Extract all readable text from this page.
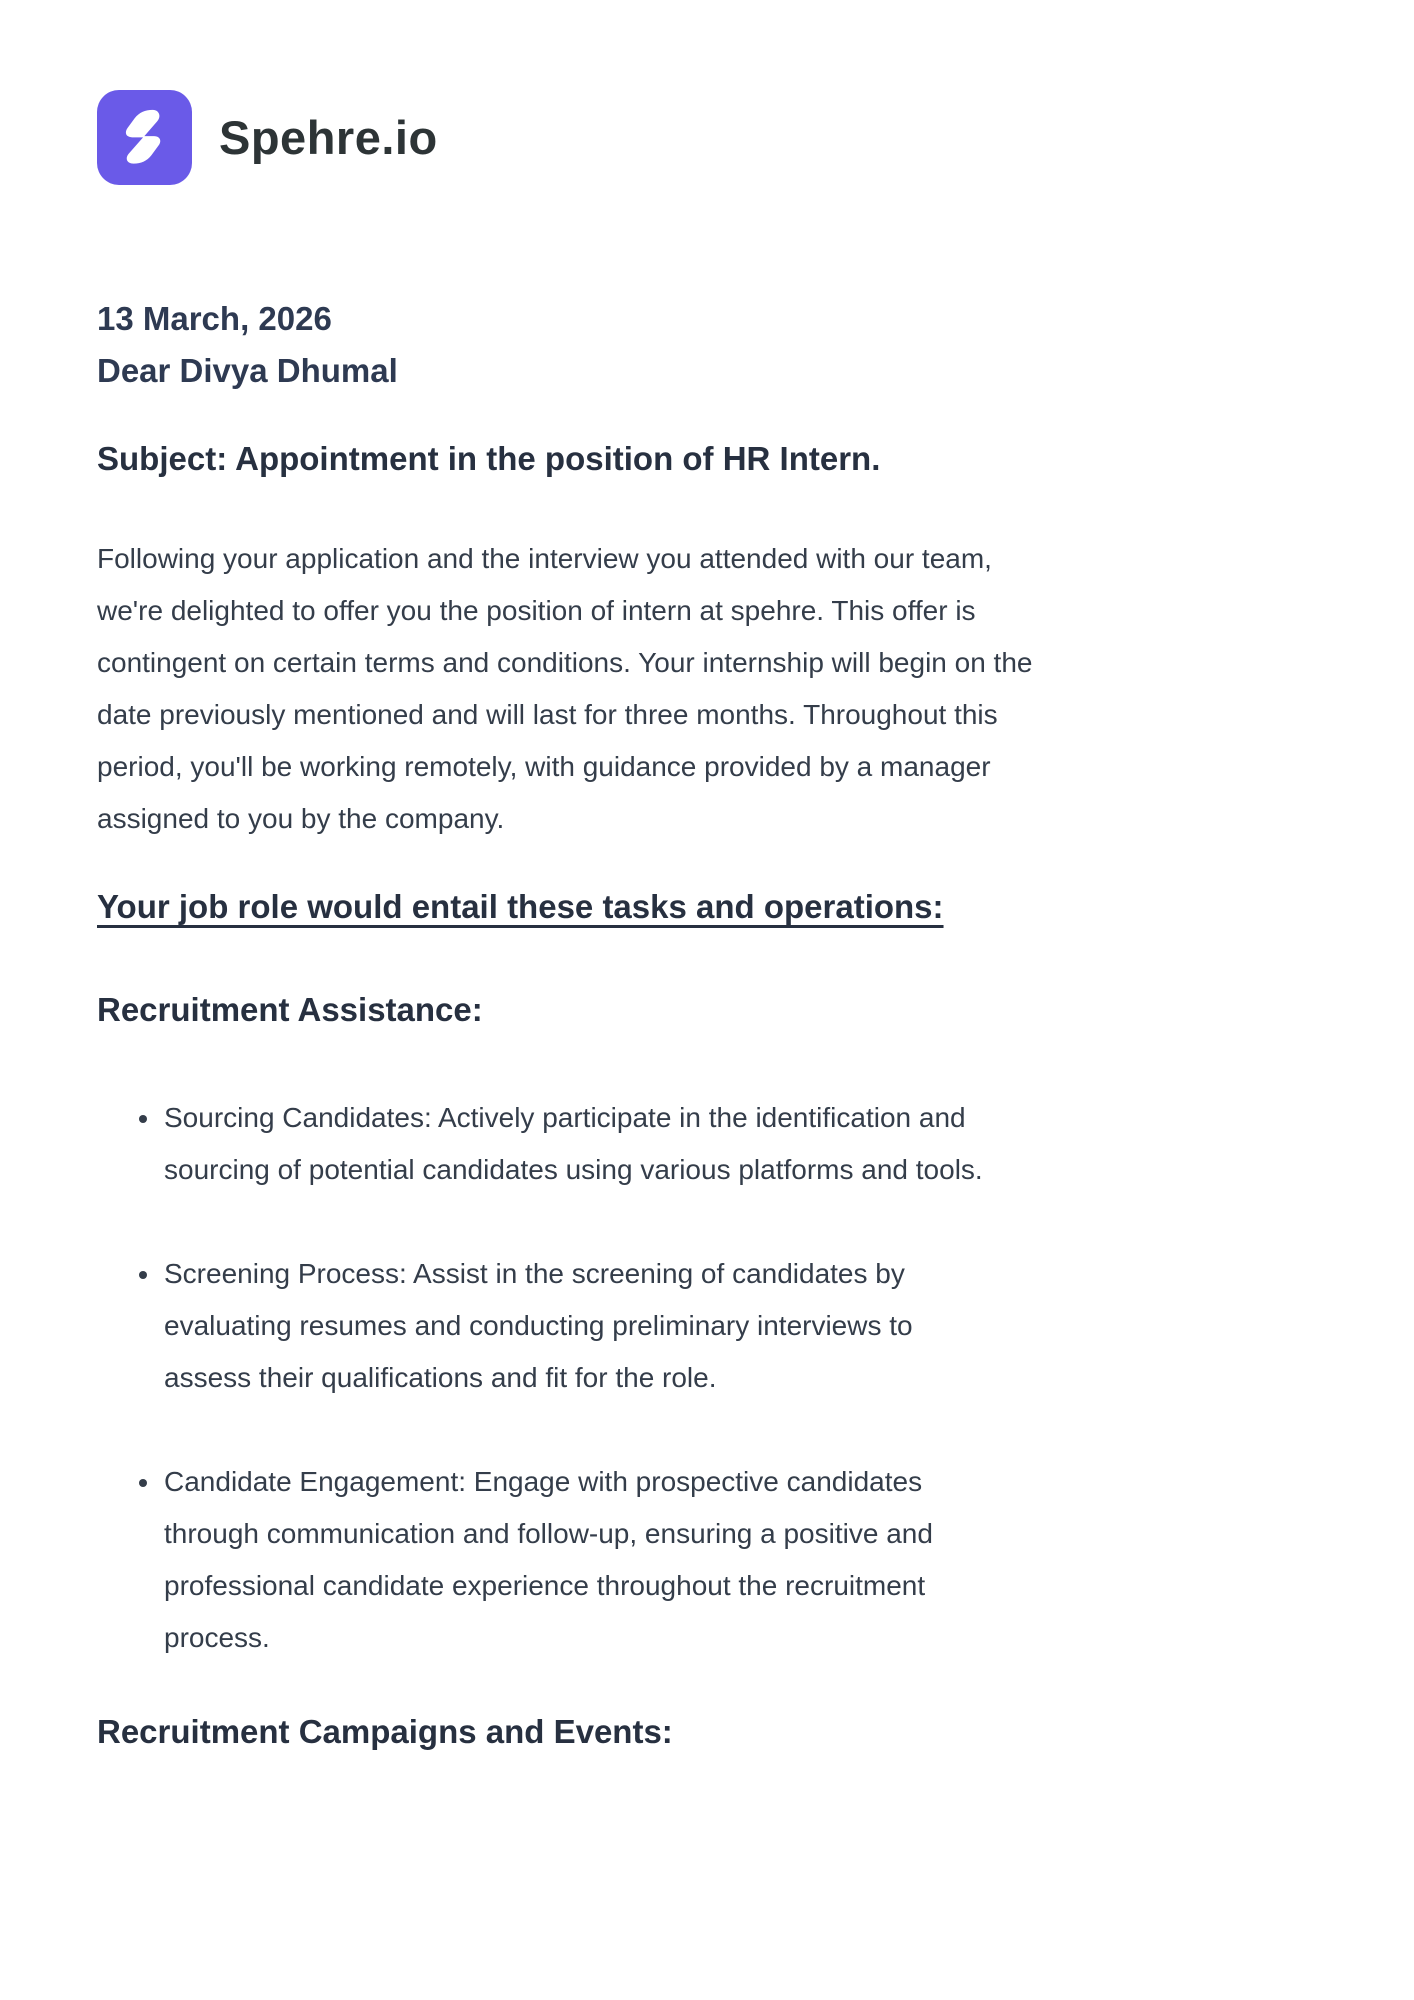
Spehre.io

13 March, 2026

Dear Divya Dhumal

Subject: Appointment in the position of HR Intern.

Following your application and the interview you attended with our team, we're delighted to offer you the position of intern at spehre. This offer is contingent on certain terms and conditions. Your internship will begin on the date previously mentioned and will last for three months. Throughout this period, you'll be working remotely, with guidance provided by a manager assigned to you by the company.

Your job role would entail these tasks and operations:
Recruitment Assistance:
• Sourcing Candidates: Actively participate in the identification and sourcing of potential candidates using various platforms and tools.
• Screening Process: Assist in the screening of candidates by evaluating resumes and conducting preliminary interviews to assess their qualifications and fit for the role.
• Candidate Engagement: Engage with prospective candidates through communication and follow-up, ensuring a positive and professional candidate experience throughout the recruitment process.
Recruitment Campaigns and Events:
